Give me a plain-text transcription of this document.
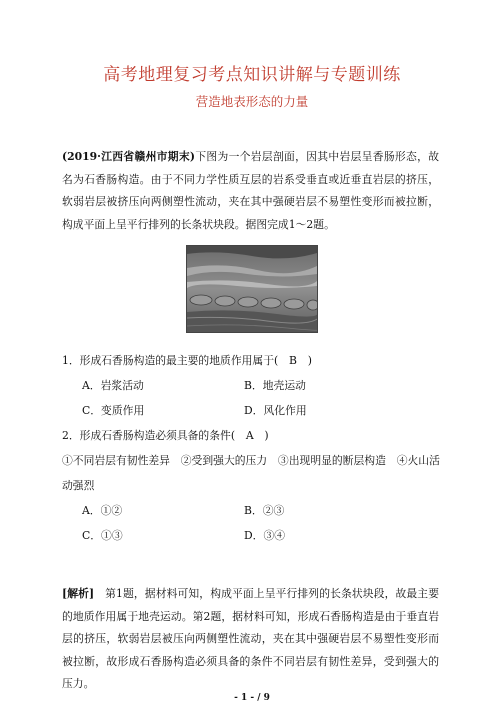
高考地理复习考点知识讲解与专题训练
营造地表形态的力量
(2019·江西省赣州市期末)下图为一个岩层剖面，因其中岩层呈香肠形态，故名为石香肠构造。由于不同力学性质互层的岩系受垂直或近垂直岩层的挤压，软弱岩层被挤压向两侧塑性流动，夹在其中强硬岩层不易塑性变形而被拉断，构成平面上呈平行排列的长条状块段。据图完成1～2题。
1．形成石香肠构造的最主要的地质作用属于(　B　)
A．岩浆活动	B．地壳运动
C．变质作用	D．风化作用
2．形成石香肠构造必须具备的条件(　A　)
①不同岩层有韧性差异　②受到强大的压力　③出现明显的断层构造　④火山活
动强烈
A．①②	B．②③
C．①③	D．③④
[解析]　第1题，据材料可知，构成平面上呈平行排列的长条状块段，故最主要的地质作用属于地壳运动。第2题，据材料可知，形成石香肠构造是由于垂直岩层的挤压，软弱岩层被压向两侧塑性流动，夹在其中强硬岩层不易塑性变形而被拉断，故形成石香肠构造必须具备的条件不同岩层有韧性差异，受到强大的压力。
- 1 - / 9
